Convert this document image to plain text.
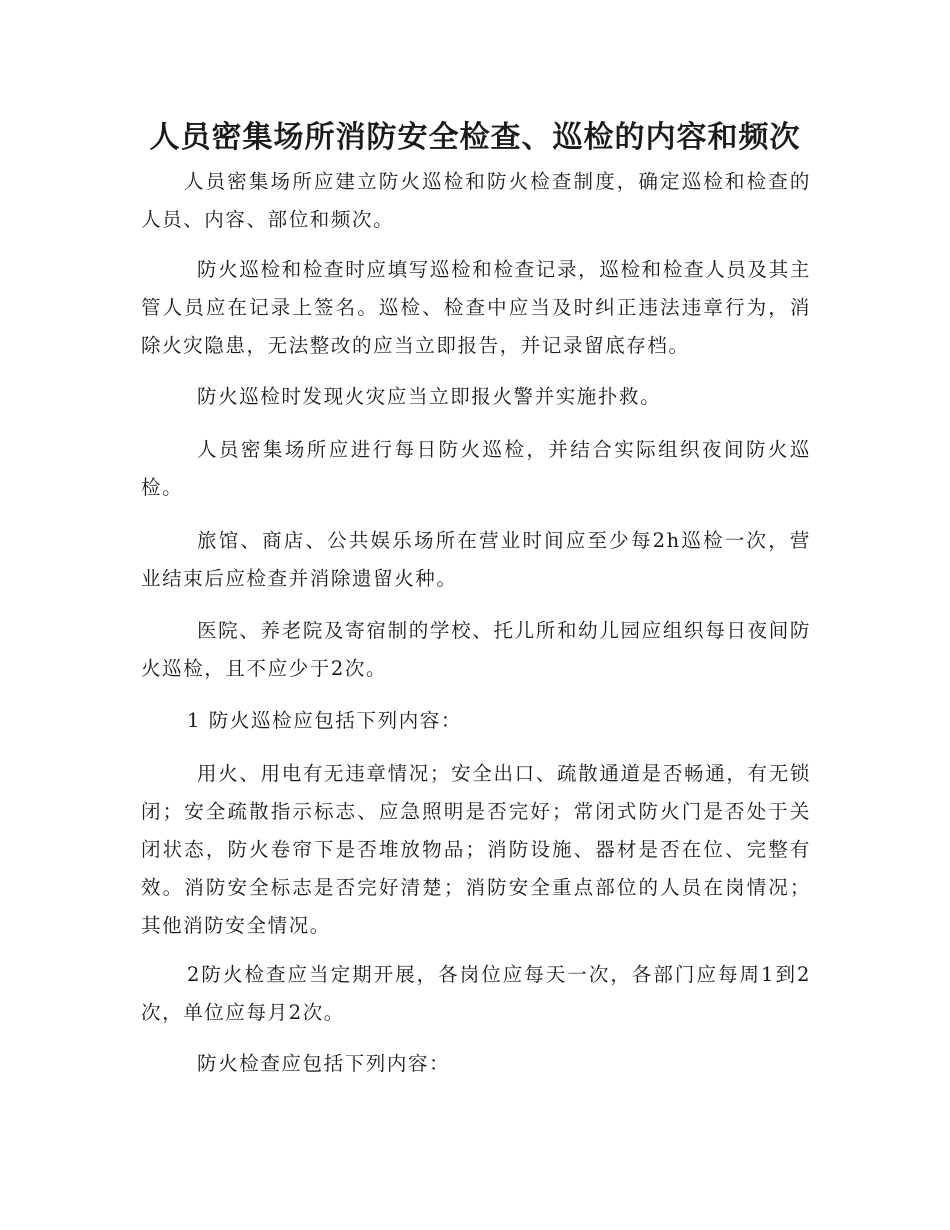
人员密集场所消防安全检查、巡检的内容和频次

人员密集场所应建立防火巡检和防火检查制度，确定巡检和检查的人员、内容、部位和频次。

防火巡检和检查时应填写巡检和检查记录，巡检和检查人员及其主管人员应在记录上签名。巡检、检查中应当及时纠正违法违章行为，消除火灾隐患，无法整改的应当立即报告，并记录留底存档。

防火巡检时发现火灾应当立即报火警并实施扑救。

人员密集场所应进行每日防火巡检，并结合实际组织夜间防火巡检。

旅馆、商店、公共娱乐场所在营业时间应至少每2h巡检一次，营业结束后应检查并消除遗留火种。

医院、养老院及寄宿制的学校、托儿所和幼儿园应组织每日夜间防火巡检，且不应少于2次。

1 防火巡检应包括下列内容：

用火、用电有无违章情况；安全出口、疏散通道是否畅通，有无锁闭；安全疏散指示标志、应急照明是否完好；常闭式防火门是否处于关闭状态，防火卷帘下是否堆放物品；消防设施、器材是否在位、完整有效。消防安全标志是否完好清楚；消防安全重点部位的人员在岗情况；其他消防安全情况。

2防火检查应当定期开展，各岗位应每天一次，各部门应每周1到2次，单位应每月2次。

防火检查应包括下列内容：
